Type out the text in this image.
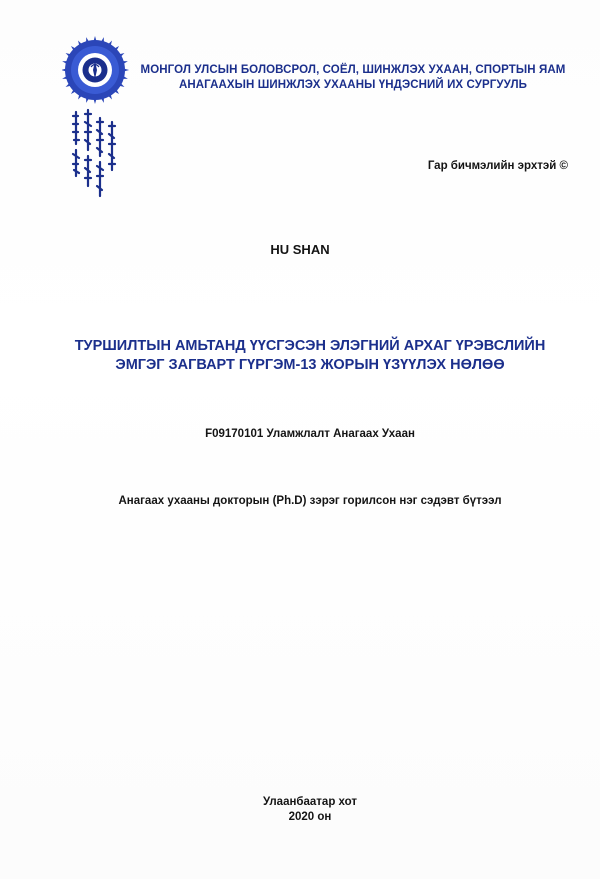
МОНГОЛ УЛСЫН БОЛОВСРОЛ, СОЁЛ, ШИНЖЛЭХ УХААН, СПОРТЫН ЯАМ
АНАГААХЫН ШИНЖЛЭХ УХААНЫ ҮНДЭСНИЙ ИХ СУРГУУЛЬ
Гар бичмэлийн эрхтэй ©
HU SHAN
ТУРШИЛТЫН АМЬТАНД ҮҮСГЭСЭН ЭЛЭГНИЙ АРХАГ ҮРЭВСЛИЙН
ЭМГЭГ ЗАГВАРТ ГҮРГЭМ-13 ЖОРЫН ҮЗҮҮЛЭХ НӨЛӨӨ
F09170101 Уламжлалт Анагаах Ухаан
Анагаах ухааны докторын (Ph.D) зэрэг горилсон нэг сэдэвт бүтээл
Улаанбаатар хот
2020 он
